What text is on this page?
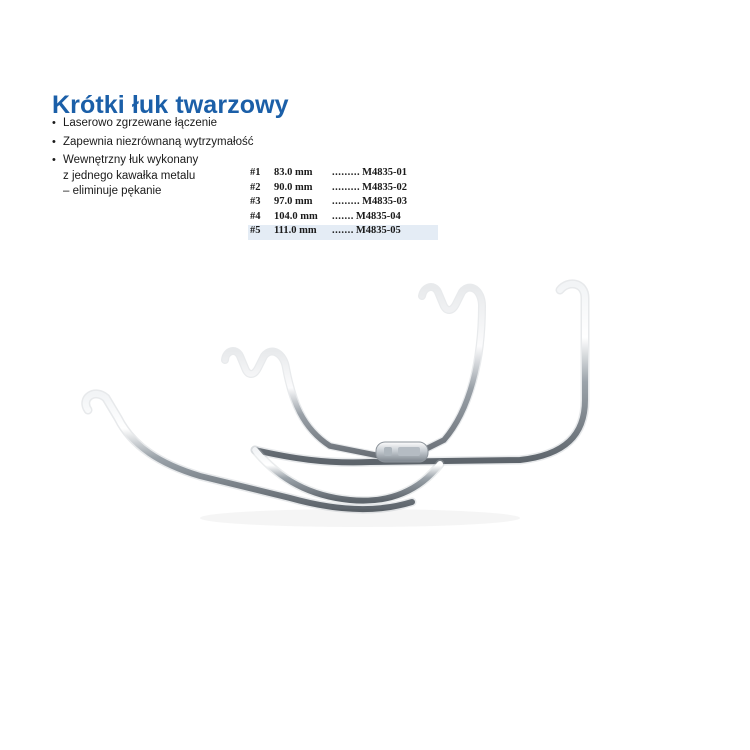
Krótki łuk twarzowy
• Laserowo zgrzewane łączenie
• Zapewnia niezrównaną wytrzymałość
• Wewnętrzny łuk wykonany
z jednego kawałka metalu
– eliminuje pękanie
#1	83.0 mm	......... M4835-01
#2	90.0 mm	......... M4835-02
#3	97.0 mm	......... M4835-03
#4	104.0 mm	....... M4835-04
#5	111.0 mm	....... M4835-05
